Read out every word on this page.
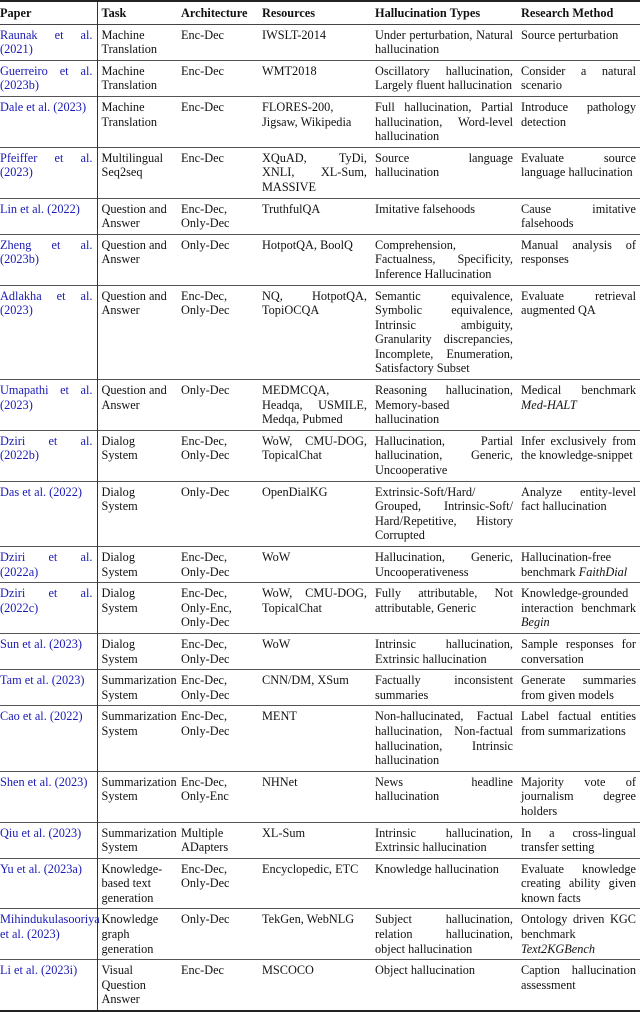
Paper	Task	Architecture	Resources	Hallucination Types	Research Method
Raunak et al. (2021)	Machine Translation	Enc-Dec	IWSLT-2014	Under perturbation, Natural hallucination	Source perturbation
Guerreiro et al. (2023b)	Machine Translation	Enc-Dec	WMT2018	Oscillatory hallucination, Largely fluent hallucination	Consider a natural scenario
Dale et al. (2023)	Machine Translation	Enc-Dec	FLORES-200, Jigsaw, Wikipedia	Full hallucination, Partial hallucination, Word-level hallucination	Introduce pathology detection
Pfeiffer et al. (2023)	Multilingual Seq2seq	Enc-Dec	XQuAD, TyDi, XNLI, XL-Sum, MASSIVE	Source language hallucination	Evaluate source language hallucination
Lin et al. (2022)	Question and Answer	Enc-Dec, Only-Dec	TruthfulQA	Imitative falsehoods	Cause imitative falsehoods
Zheng et al. (2023b)	Question and Answer	Only-Dec	HotpotQA, BoolQ	Comprehension, Factualness, Specificity, Inference Hallucination	Manual analysis of responses
Adlakha et al. (2023)	Question and Answer	Enc-Dec, Only-Dec	NQ, HotpotQA, TopiOCQA	Semantic equivalence, Symbolic equivalence, Intrinsic ambiguity, Granularity discrepancies, Incomplete, Enumeration, Satisfactory Subset	Evaluate retrieval augmented QA
Umapathi et al. (2023)	Question and Answer	Only-Dec	MEDMCQA, Headqa, USMILE, Medqa, Pubmed	Reasoning hallucination, Memory-based hallucination	Medical benchmark Med-HALT
Dziri et al. (2022b)	Dialog System	Enc-Dec, Only-Dec	WoW, CMU-DOG, TopicalChat	Hallucination, Partial hallucination, Generic, Uncooperative	Infer exclusively from the knowledge-snippet
Das et al. (2022)	Dialog System	Only-Dec	OpenDialKG	Extrinsic-Soft/Hard/ Grouped, Intrinsic-Soft/ Hard/Repetitive, History Corrupted	Analyze entity-level fact hallucination
Dziri et al. (2022a)	Dialog System	Enc-Dec, Only-Dec	WoW	Hallucination, Generic, Uncooperativeness	Hallucination-free benchmark FaithDial
Dziri et al. (2022c)	Dialog System	Enc-Dec, Only-Enc, Only-Dec	WoW, CMU-DOG, TopicalChat	Fully attributable, Not attributable, Generic	Knowledge-grounded interaction benchmark Begin
Sun et al. (2023)	Dialog System	Enc-Dec, Only-Dec	WoW	Intrinsic hallucination, Extrinsic hallucination	Sample responses for conversation
Tam et al. (2023)	Summarization System	Enc-Dec, Only-Dec	CNN/DM, XSum	Factually inconsistent summaries	Generate summaries from given models
Cao et al. (2022)	Summarization System	Enc-Dec, Only-Dec	MENT	Non-hallucinated, Factual hallucination, Non-factual hallucination, Intrinsic hallucination	Label factual entities from summarizations
Shen et al. (2023)	Summarization System	Enc-Dec, Only-Enc	NHNet	News headline hallucination	Majority vote of journalism degree holders
Qiu et al. (2023)	Summarization System	Multiple ADapters	XL-Sum	Intrinsic hallucination, Extrinsic hallucination	In a cross-lingual transfer setting
Yu et al. (2023a)	Knowledge-based text generation	Enc-Dec, Only-Dec	Encyclopedic, ETC	Knowledge hallucination	Evaluate knowledge creating ability given known facts
Mihindukulasooriya et al. (2023)	Knowledge graph generation	Only-Dec	TekGen, WebNLG	Subject hallucination, relation hallucination, object hallucination	Ontology driven KGC benchmark Text2KGBench
Li et al. (2023i)	Visual Question Answer	Enc-Dec	MSCOCO	Object hallucination	Caption hallucination assessment
